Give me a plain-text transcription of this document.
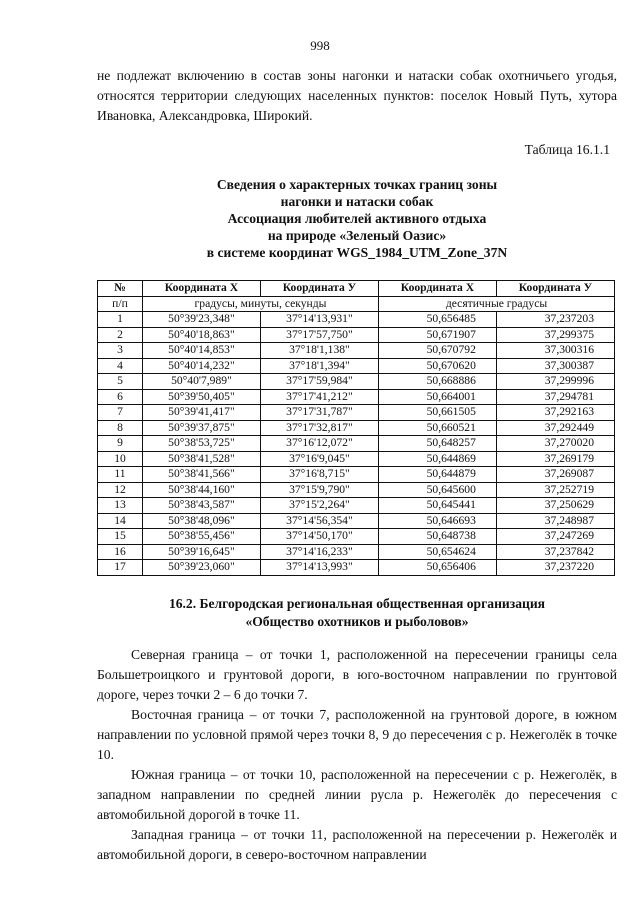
998
не подлежат включению в состав зоны нагонки и натаски собак охотничьего угодья, относятся территории следующих населенных пунктов: поселок Новый Путь, хутора Ивановка, Александровка, Широкий.
Таблица 16.1.1
Сведения о характерных точках границ зоны
нагонки и натаски собак
Ассоциация любителей активного отдыха
на природе «Зеленый Оазис»
в системе координат WGS_1984_UTM_Zone_37N
№	Координата Х	Координата У	Координата Х	Координата У
п/п	градусы, минуты, секунды		десятичные градусы	
1	50°39'23,348"	37°14'13,931"	50,656485	37,237203
2	50°40'18,863"	37°17'57,750"	50,671907	37,299375
3	50°40'14,853"	37°18'1,138"	50,670792	37,300316
4	50°40'14,232"	37°18'1,394"	50,670620	37,300387
5	50°40'7,989"	37°17'59,984"	50,668886	37,299996
6	50°39'50,405"	37°17'41,212"	50,664001	37,294781
7	50°39'41,417"	37°17'31,787"	50,661505	37,292163
8	50°39'37,875"	37°17'32,817"	50,660521	37,292449
9	50°38'53,725"	37°16'12,072"	50,648257	37,270020
10	50°38'41,528"	37°16'9,045"	50,644869	37,269179
11	50°38'41,566"	37°16'8,715"	50,644879	37,269087
12	50°38'44,160"	37°15'9,790"	50,645600	37,252719
13	50°38'43,587"	37°15'2,264"	50,645441	37,250629
14	50°38'48,096"	37°14'56,354"	50,646693	37,248987
15	50°38'55,456"	37°14'50,170"	50,648738	37,247269
16	50°39'16,645"	37°14'16,233"	50,654624	37,237842
17	50°39'23,060"	37°14'13,993"	50,656406	37,237220
16.2. Белгородская региональная общественная организация
«Общество охотников и рыболовов»

Северная граница – от точки 1, расположенной на пересечении границы села Большетроицкого и грунтовой дороги, в юго-восточном направлении по грунтовой дороге, через точки 2 – 6 до точки 7.

Восточная граница – от точки 7, расположенной на грунтовой дороге, в южном направлении по условной прямой через точки 8, 9 до пересечения с р. Нежеголёк в точке 10.

Южная граница – от точки 10, расположенной на пересечении с р. Нежеголёк, в западном направлении по средней линии русла р. Нежеголёк до пересечения с автомобильной дорогой в точке 11.

Западная граница – от точки 11, расположенной на пересечении р. Нежеголёк и автомобильной дороги, в северо-восточном направлении
